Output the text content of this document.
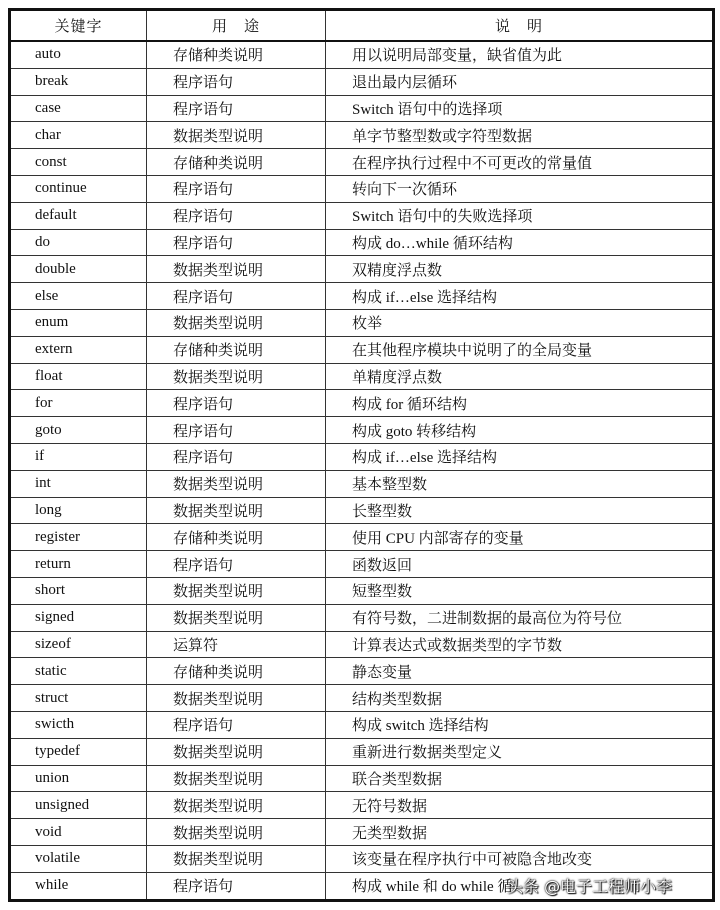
关键字	用　途	说　明
auto	存储种类说明	用以说明局部变量，缺省值为此
break	程序语句	退出最内层循环
case	程序语句	Switch 语句中的选择项
char	数据类型说明	单字节整型数或字符型数据
const	存储种类说明	在程序执行过程中不可更改的常量值
continue	程序语句	转向下一次循环
default	程序语句	Switch 语句中的失败选择项
do	程序语句	构成 do…while 循环结构
double	数据类型说明	双精度浮点数
else	程序语句	构成 if…else 选择结构
enum	数据类型说明	枚举
extern	存储种类说明	在其他程序模块中说明了的全局变量
float	数据类型说明	单精度浮点数
for	程序语句	构成 for 循环结构
goto	程序语句	构成 goto 转移结构
if	程序语句	构成 if…else 选择结构
int	数据类型说明	基本整型数
long	数据类型说明	长整型数
register	存储种类说明	使用 CPU 内部寄存的变量
return	程序语句	函数返回
short	数据类型说明	短整型数
signed	数据类型说明	有符号数，二进制数据的最高位为符号位
sizeof	运算符	计算表达式或数据类型的字节数
static	存储种类说明	静态变量
struct	数据类型说明	结构类型数据
swicth	程序语句	构成 switch 选择结构
typedef	数据类型说明	重新进行数据类型定义
union	数据类型说明	联合类型数据
unsigned	数据类型说明	无符号数据
void	数据类型说明	无类型数据
volatile	数据类型说明	该变量在程序执行中可被隐含地改变
while	程序语句	构成 while 和 do while 循
头条 @电子工程师小李
